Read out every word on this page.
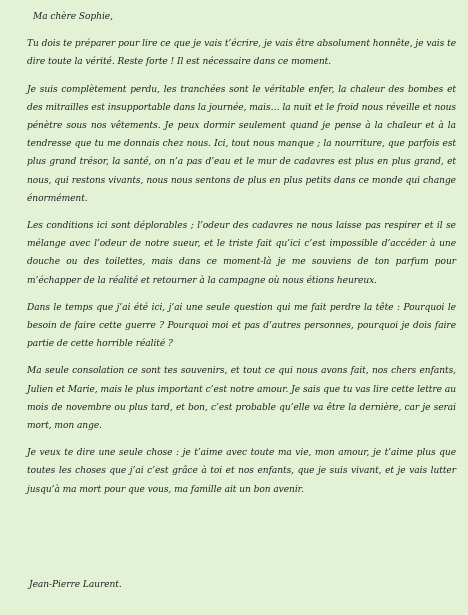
Ma chère Sophie,

Tu dois te préparer pour lire ce que je vais t’écrire, je vais être absolument honnête, je vais te dire toute la vérité. Reste forte ! Il est nécessaire dans ce moment.

Je suis complètement perdu, les tranchées sont le véritable enfer, la chaleur des bombes et des mitrailles est insupportable dans la journée, mais… la nuit et le froid nous réveille et nous pénètre sous nos vêtements. Je peux dormir seulement quand je pense à la chaleur et à la tendresse que tu me donnais chez nous. Ici, tout nous manque ; la nourriture, que parfois est plus grand trésor, la santé, on n’a pas d’eau et le mur de cadavres est plus en plus grand, et nous, qui restons vivants, nous nous sentons de plus en plus petits dans ce monde qui change énormément.

Les conditions ici sont déplorables ; l’odeur des cadavres ne nous laisse pas respirer et il se mélange avec l’odeur de notre sueur, et le triste fait qu’ici c’est impossible d’accéder à une douche ou des toilettes, mais dans ce moment-là je me souviens de ton parfum pour m’échapper de la réalité et retourner à la campagne où nous étions heureux.

Dans le temps que j’ai été ici, j’ai une seule question qui me fait perdre la tête : Pourquoi le besoin de faire cette guerre ? Pourquoi moi et pas d’autres personnes, pourquoi je dois faire partie de cette horrible réalité ?

Ma seule consolation ce sont tes souvenirs, et tout ce qui nous avons fait, nos chers enfants, Julien et Marie, mais le plus important c’est notre amour. Je sais que tu vas lire cette lettre au mois de novembre ou plus tard, et bon, c’est probable qu’elle va être la dernière, car je serai mort, mon ange.

Je veux te dire une seule chose : je t’aime avec toute ma vie, mon amour, je t’aime plus que toutes les choses que j’ai c’est grâce à toi et nos enfants, que je suis vivant, et je vais lutter jusqu’à ma mort pour que vous, ma famille ait un bon avenir.

Jean-Pierre Laurent.
